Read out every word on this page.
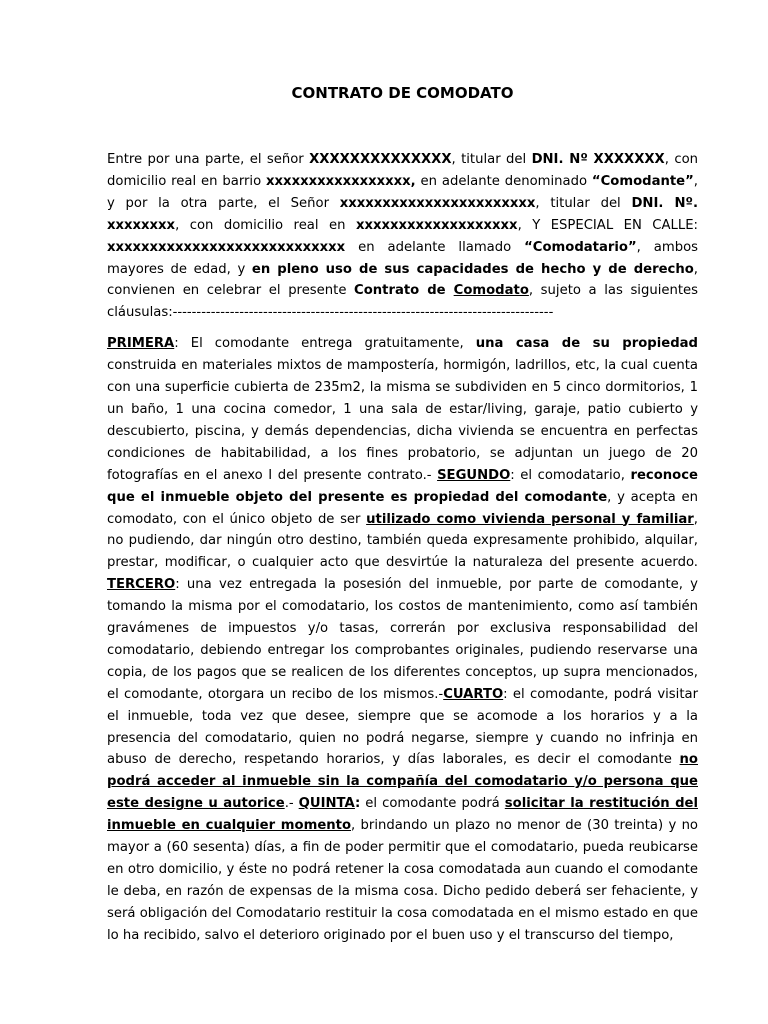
CONTRATO DE COMODATO

Entre por una parte, el señor XXXXXXXXXXXXXX, titular del DNI. Nº XXXXXXX, con domicilio real en barrio xxxxxxxxxxxxxxxxx, en adelante denominado “Comodante”, y por la otra parte, el Señor xxxxxxxxxxxxxxxxxxxxxxx, titular del DNI. Nº. xxxxxxxx, con domicilio real en xxxxxxxxxxxxxxxxxxx, Y ESPECIAL EN CALLE: xxxxxxxxxxxxxxxxxxxxxxxxxxxx en adelante llamado “Comodatario”, ambos mayores de edad, y en pleno uso de sus capacidades de hecho y de derecho, convienen en celebrar el presente Contrato de Comodato, sujeto a las siguientes cláusulas:--------------------------------------------------------------------------------

PRIMERA: El comodante entrega gratuitamente, una casa de su propiedad construida en materiales mixtos de mampostería, hormigón, ladrillos, etc, la cual cuenta con una superficie cubierta de 235m2, la misma se subdividen en 5 cinco dormitorios, 1 un baño, 1 una cocina comedor, 1 una sala de estar/living, garaje, patio cubierto y descubierto, piscina, y demás dependencias, dicha vivienda se encuentra en perfectas condiciones de habitabilidad, a los fines probatorio, se adjuntan un juego de 20 fotografías en el anexo I del presente contrato.- SEGUNDO: el comodatario, reconoce que el inmueble objeto del presente es propiedad del comodante, y acepta en comodato, con el único objeto de ser utilizado como vivienda personal y familiar, no pudiendo, dar ningún otro destino, también queda expresamente prohibido, alquilar, prestar, modificar, o cualquier acto que desvirtúe la naturaleza del presente acuerdo. TERCERO: una vez entregada la posesión del inmueble, por parte de comodante, y tomando la misma por el comodatario, los costos de mantenimiento, como así también gravámenes de impuestos y/o tasas, correrán por exclusiva responsabilidad del comodatario, debiendo entregar los comprobantes originales, pudiendo reservarse una copia, de los pagos que se realicen de los diferentes conceptos, up supra mencionados, el comodante, otorgara un recibo de los mismos.-CUARTO: el comodante, podrá visitar el inmueble, toda vez que desee, siempre que se acomode a los horarios y a la presencia del comodatario, quien no podrá negarse, siempre y cuando no infrinja en abuso de derecho, respetando horarios, y días laborales, es decir el comodante no podrá acceder al inmueble sin la compañía del comodatario y/o persona que este designe u autorice.- QUINTA: el comodante podrá solicitar la restitución del inmueble en cualquier momento, brindando un plazo no menor de (30 treinta) y no mayor a (60 sesenta) días, a fin de poder permitir que el comodatario, pueda reubicarse en otro domicilio, y éste no podrá retener la cosa comodatada aun cuando el comodante le deba, en razón de expensas de la misma cosa. Dicho pedido deberá ser fehaciente, y será obligación del Comodatario restituir la cosa comodatada en el mismo estado en que lo ha recibido, salvo el deterioro originado por el buen uso y el transcurso del tiempo,
